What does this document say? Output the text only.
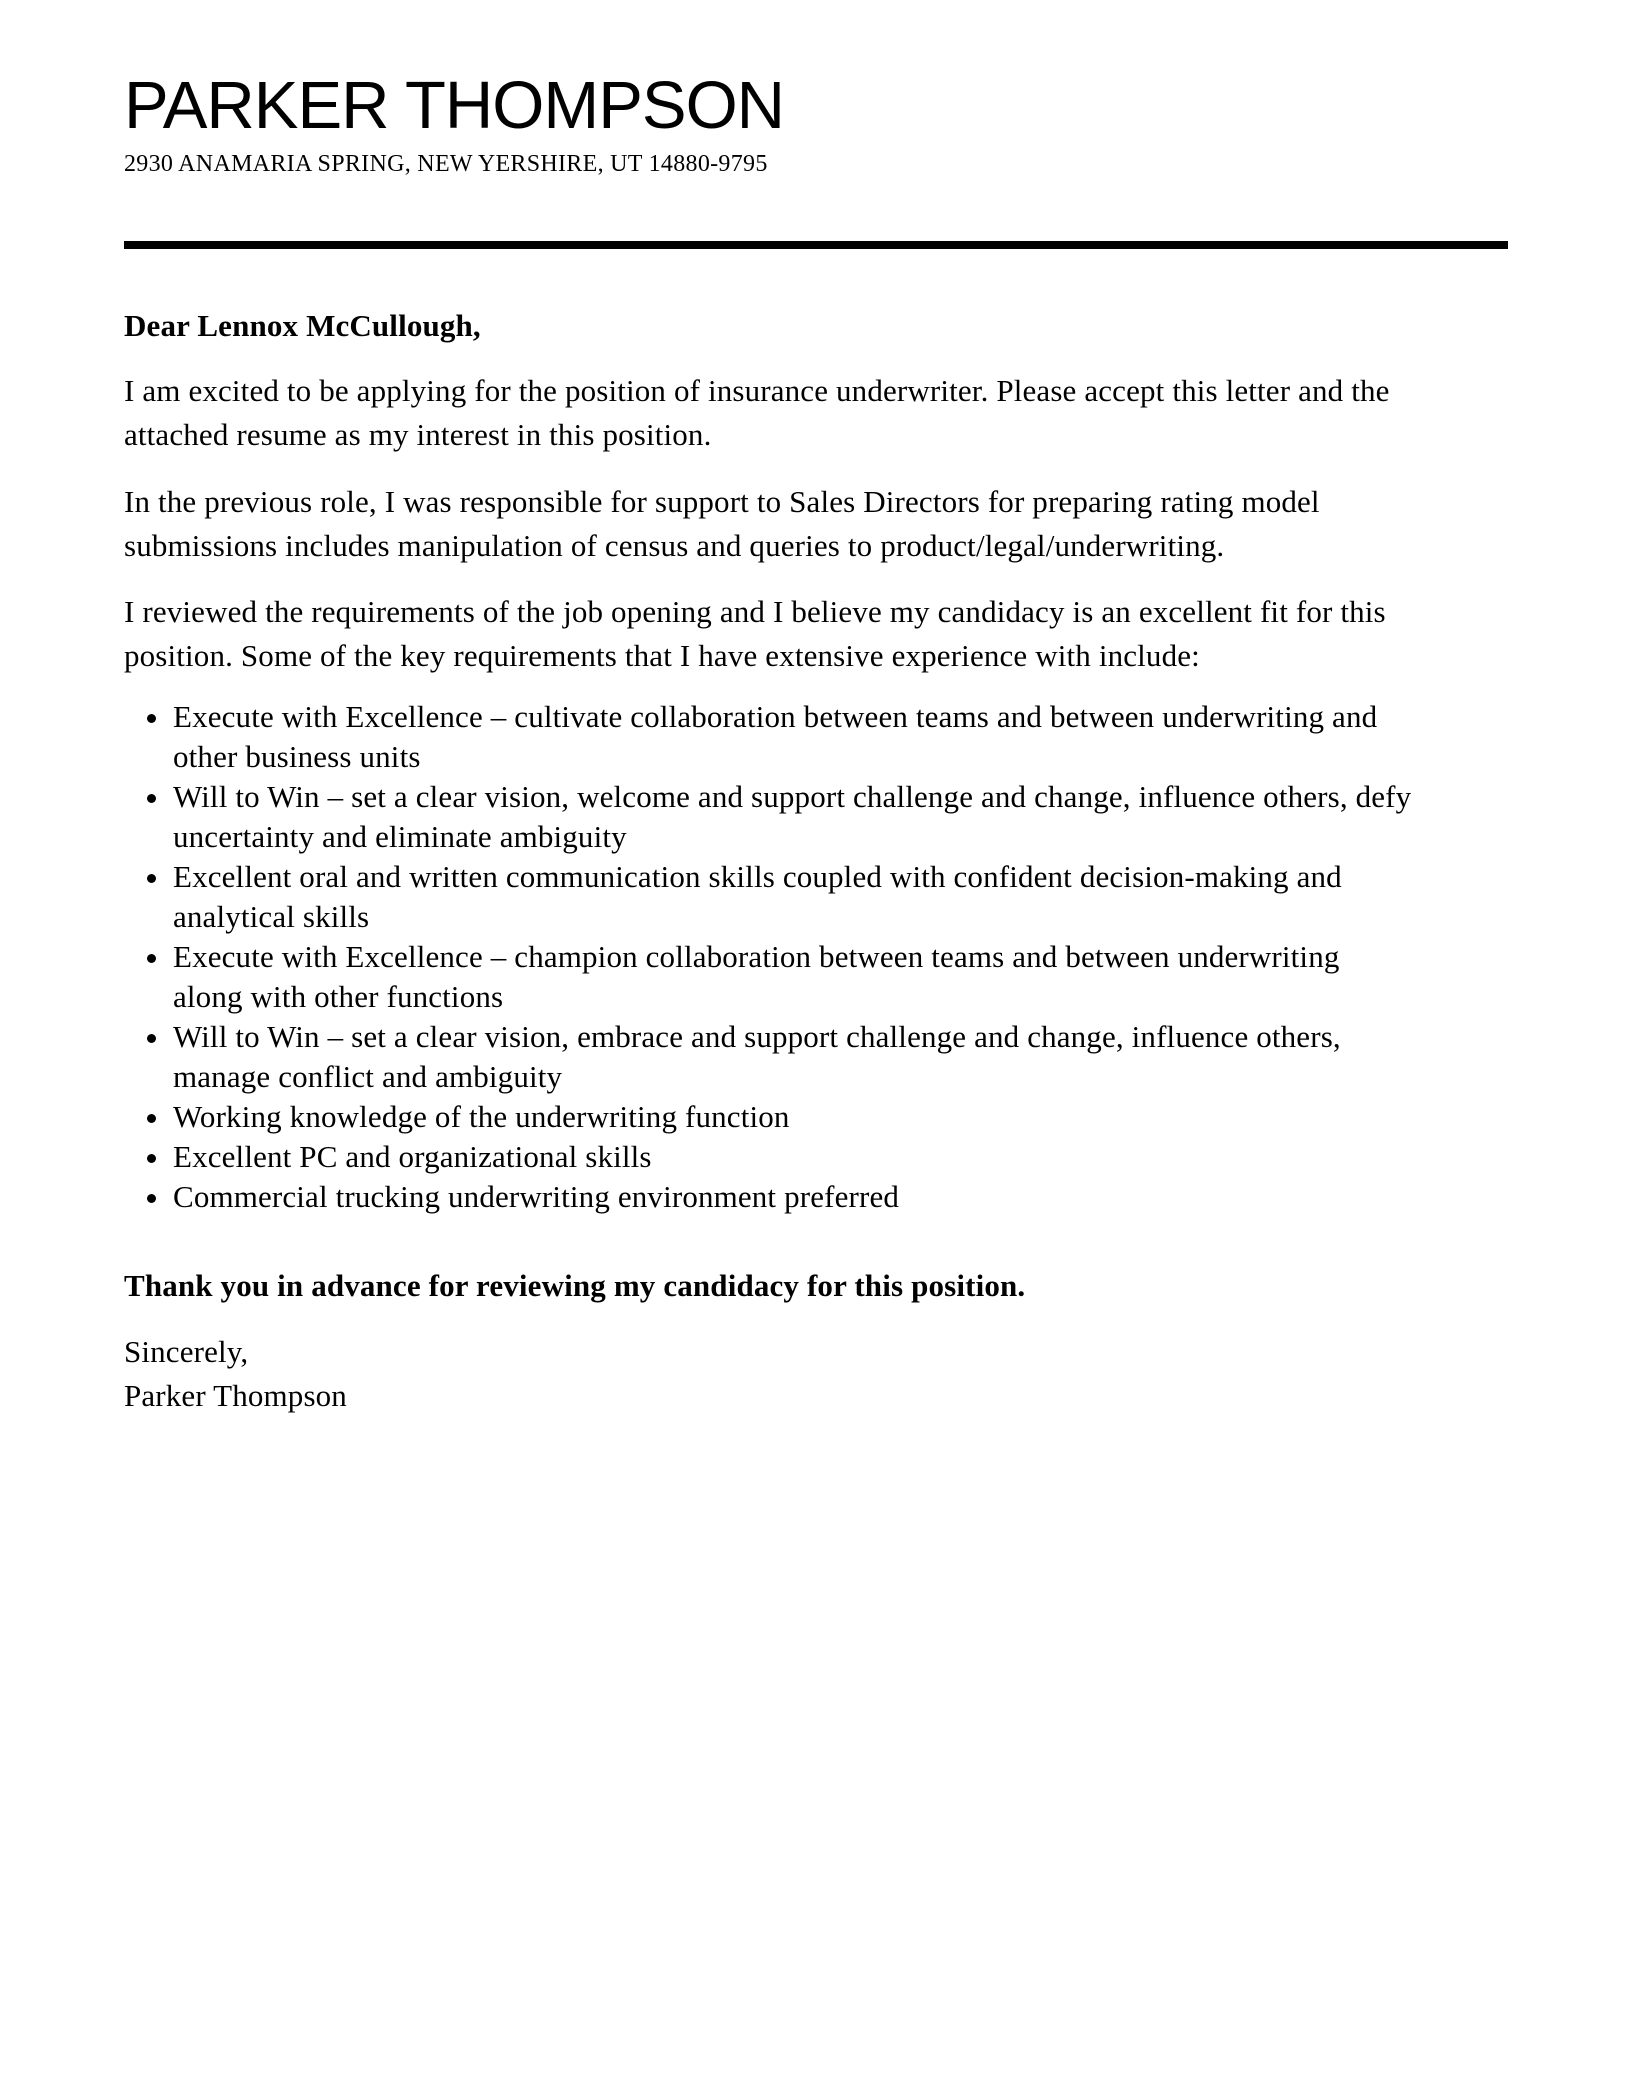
PARKER THOMPSON
2930 ANAMARIA SPRING, NEW YERSHIRE, UT 14880-9795

Dear Lennox McCullough,

I am excited to be applying for the position of insurance underwriter. Please accept this letter and the
attached resume as my interest in this position.

In the previous role, I was responsible for support to Sales Directors for preparing rating model
submissions includes manipulation of census and queries to product/legal/underwriting.

I reviewed the requirements of the job opening and I believe my candidacy is an excellent fit for this
position. Some of the key requirements that I have extensive experience with include:

Execute with Excellence – cultivate collaboration between teams and between underwriting and
other business units
Will to Win – set a clear vision, welcome and support challenge and change, influence others, defy
uncertainty and eliminate ambiguity
Excellent oral and written communication skills coupled with confident decision-making and
analytical skills
Execute with Excellence – champion collaboration between teams and between underwriting
along with other functions
Will to Win – set a clear vision, embrace and support challenge and change, influence others,
manage conflict and ambiguity
Working knowledge of the underwriting function
Excellent PC and organizational skills
Commercial trucking underwriting environment preferred

Thank you in advance for reviewing my candidacy for this position.

Sincerely,
Parker Thompson
